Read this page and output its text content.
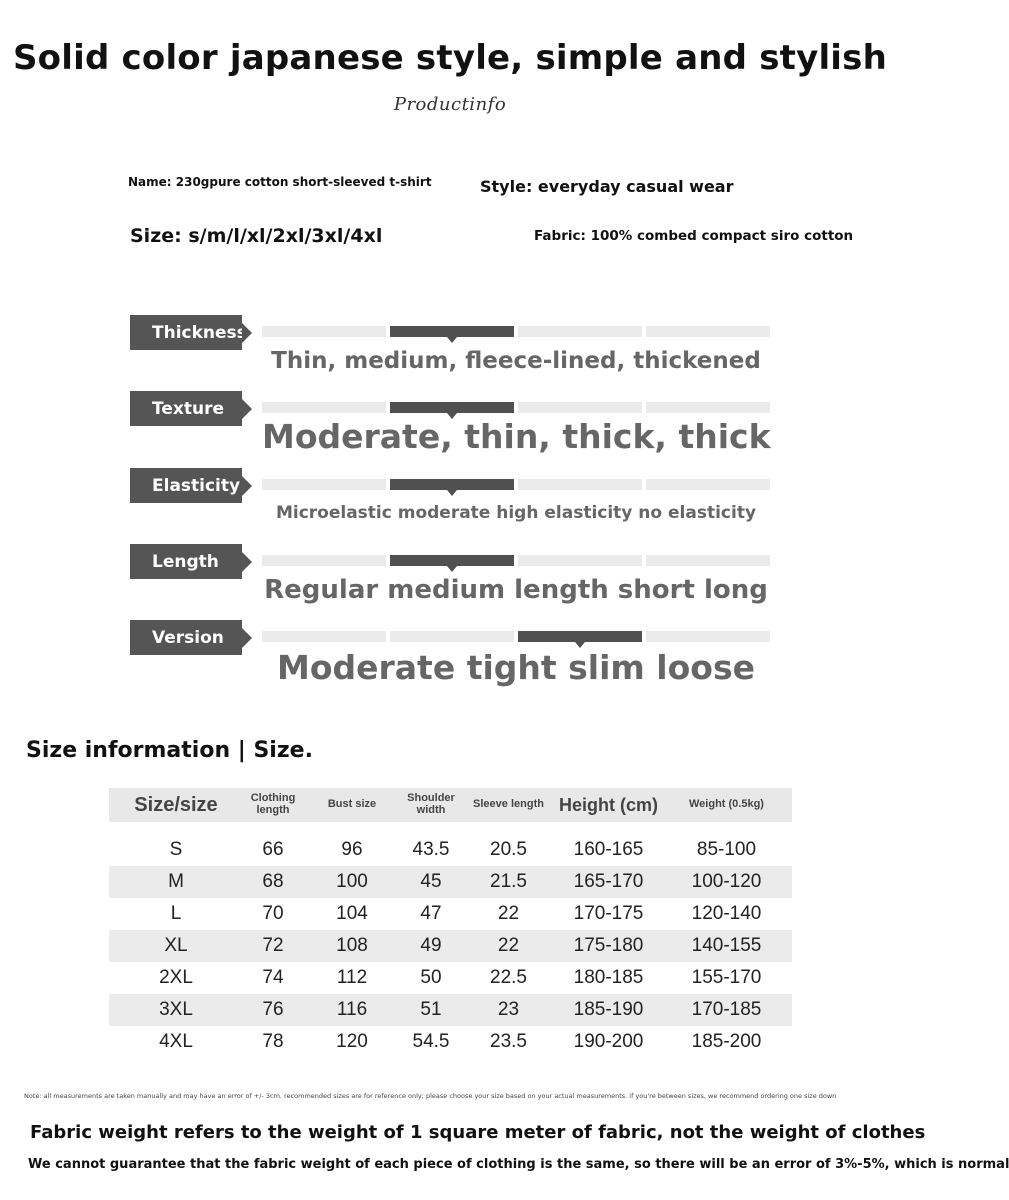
Solid color japanese style, simple and stylish
Productinfo
Name: 230gpure cotton short-sleeved t-shirt	Style: everyday casual wear
Size: s/m/l/xl/2xl/3xl/4xl	Fabric: 100% combed compact siro cotton
Thickness
Thin, medium, fleece-lined, thickened
Texture
Moderate, thin, thick, thick
Elasticity
Microelastic moderate high elasticity no elasticity
Length
Regular medium length short long
Version
Moderate tight slim loose
Size information | Size.
Size/size	Clothing length	Bust size	Shoulder width	Sleeve length	Height (cm)	Weight (0.5kg)
S	66	96	43.5	20.5	160-165	85-100
M	68	100	45	21.5	165-170	100-120
L	70	104	47	22	170-175	120-140
XL	72	108	49	22	175-180	140-155
2XL	74	112	50	22.5	180-185	155-170
3XL	76	116	51	23	185-190	170-185
4XL	78	120	54.5	23.5	190-200	185-200
Note: all measurements are taken manually and may have an error of +/- 3cm. recommended sizes are for reference only; please choose your size based on your actual measurements. if you're between sizes, we recommend ordering one size down
Fabric weight refers to the weight of 1 square meter of fabric, not the weight of clothes
We cannot guarantee that the fabric weight of each piece of clothing is the same, so there will be an error of 3%-5%, which is normal
